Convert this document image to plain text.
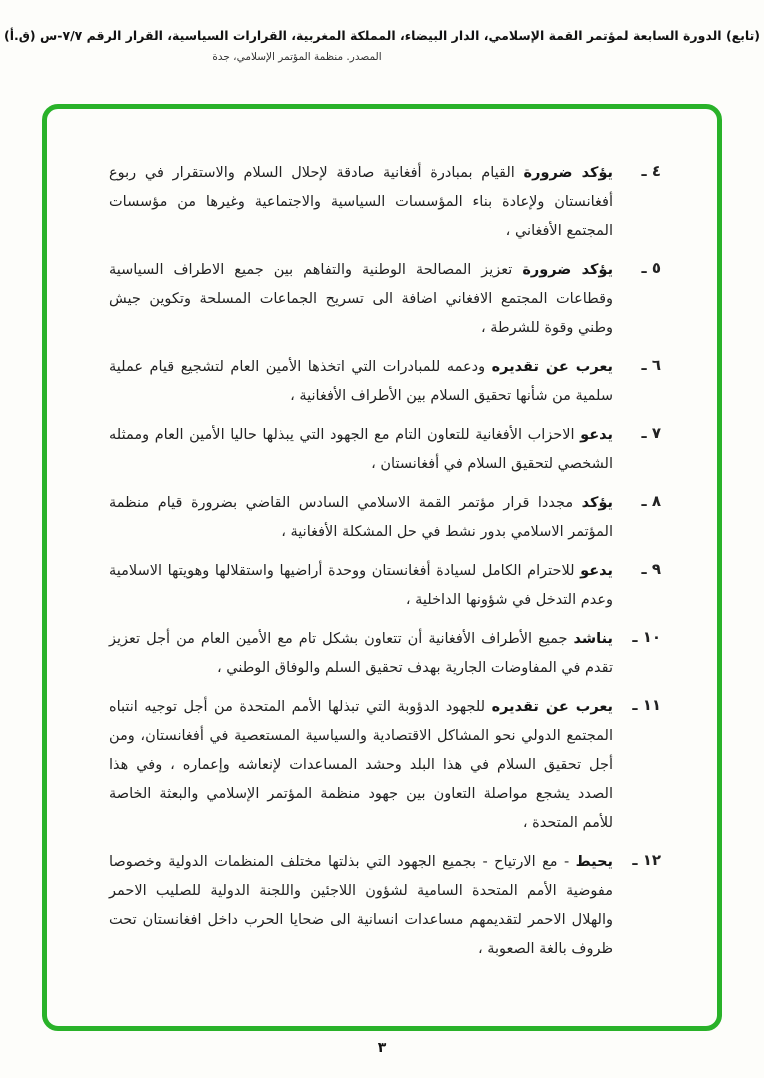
(تابع) الدورة السابعة لمؤتمر القمة الإسلامي، الدار البيضاء، المملكة المغربية، القرارات السياسية، القرار الرقم ٧/٧-س (ق.أ)
المصدر. منظمة المؤتمر الإسلامي، جدة
٤ ـ

يؤكد ضرورة القيام بمبادرة أفغانية صادقة لإحلال السلام والاستقرار في ربوع أفغانستان ولإعادة بناء المؤسسات السياسية والاجتماعية وغيرها من مؤسسات المجتمع الأفغاني ،

٥ ـ

يؤكد ضرورة تعزيز المصالحة الوطنية والتفاهم بين جميع الاطراف السياسية وقطاعات المجتمع الافغاني اضافة الى تسريح الجماعات المسلحة وتكوين جيش وطني وقوة للشرطة ،

٦ ـ

يعرب عن تقديره ودعمه للمبادرات التي اتخذها الأمين العام لتشجيع قيام عملية سلمية من شأنها تحقيق السلام بين الأطراف الأفغانية ،

٧ ـ

يدعو الاحزاب الأفغانية للتعاون التام مع الجهود التي يبذلها حاليا الأمين العام وممثله الشخصي لتحقيق السلام في أفغانستان ،

٨ ـ

يؤكد مجددا قرار مؤتمر القمة الاسلامي السادس القاضي بضرورة قيام منظمة المؤتمر الاسلامي بدور نشط في حل المشكلة الأفغانية ،

٩ ـ

يدعو للاحترام الكامل لسيادة أفغانستان ووحدة أراضيها واستقلالها وهويتها الاسلامية وعدم التدخل في شؤونها الداخلية ،

١٠ ـ

يناشد جميع الأطراف الأفغانية أن تتعاون بشكل تام مع الأمين العام من أجل تعزيز تقدم في المفاوضات الجارية بهدف تحقيق السلم والوفاق الوطني ،

١١ ـ

يعرب عن تقديره للجهود الدؤوبة التي تبذلها الأمم المتحدة من أجل توجيه انتباه المجتمع الدولي نحو المشاكل الاقتصادية والسياسية المستعصية في أفغانستان، ومن أجل تحقيق السلام في هذا البلد وحشد المساعدات لإنعاشه وإعماره ، وفي هذا الصدد يشجع مواصلة التعاون بين جهود منظمة المؤتمر الإسلامي والبعثة الخاصة للأمم المتحدة ،

١٢ ـ

يحيط - مع الارتياح - بجميع الجهود التي بذلتها مختلف المنظمات الدولية وخصوصا مفوضية الأمم المتحدة السامية لشؤون اللاجئين واللجنة الدولية للصليب الاحمر والهلال الاحمر لتقديمهم مساعدات انسانية الى ضحايا الحرب داخل افغانستان تحت ظروف بالغة الصعوبة ،

٣
